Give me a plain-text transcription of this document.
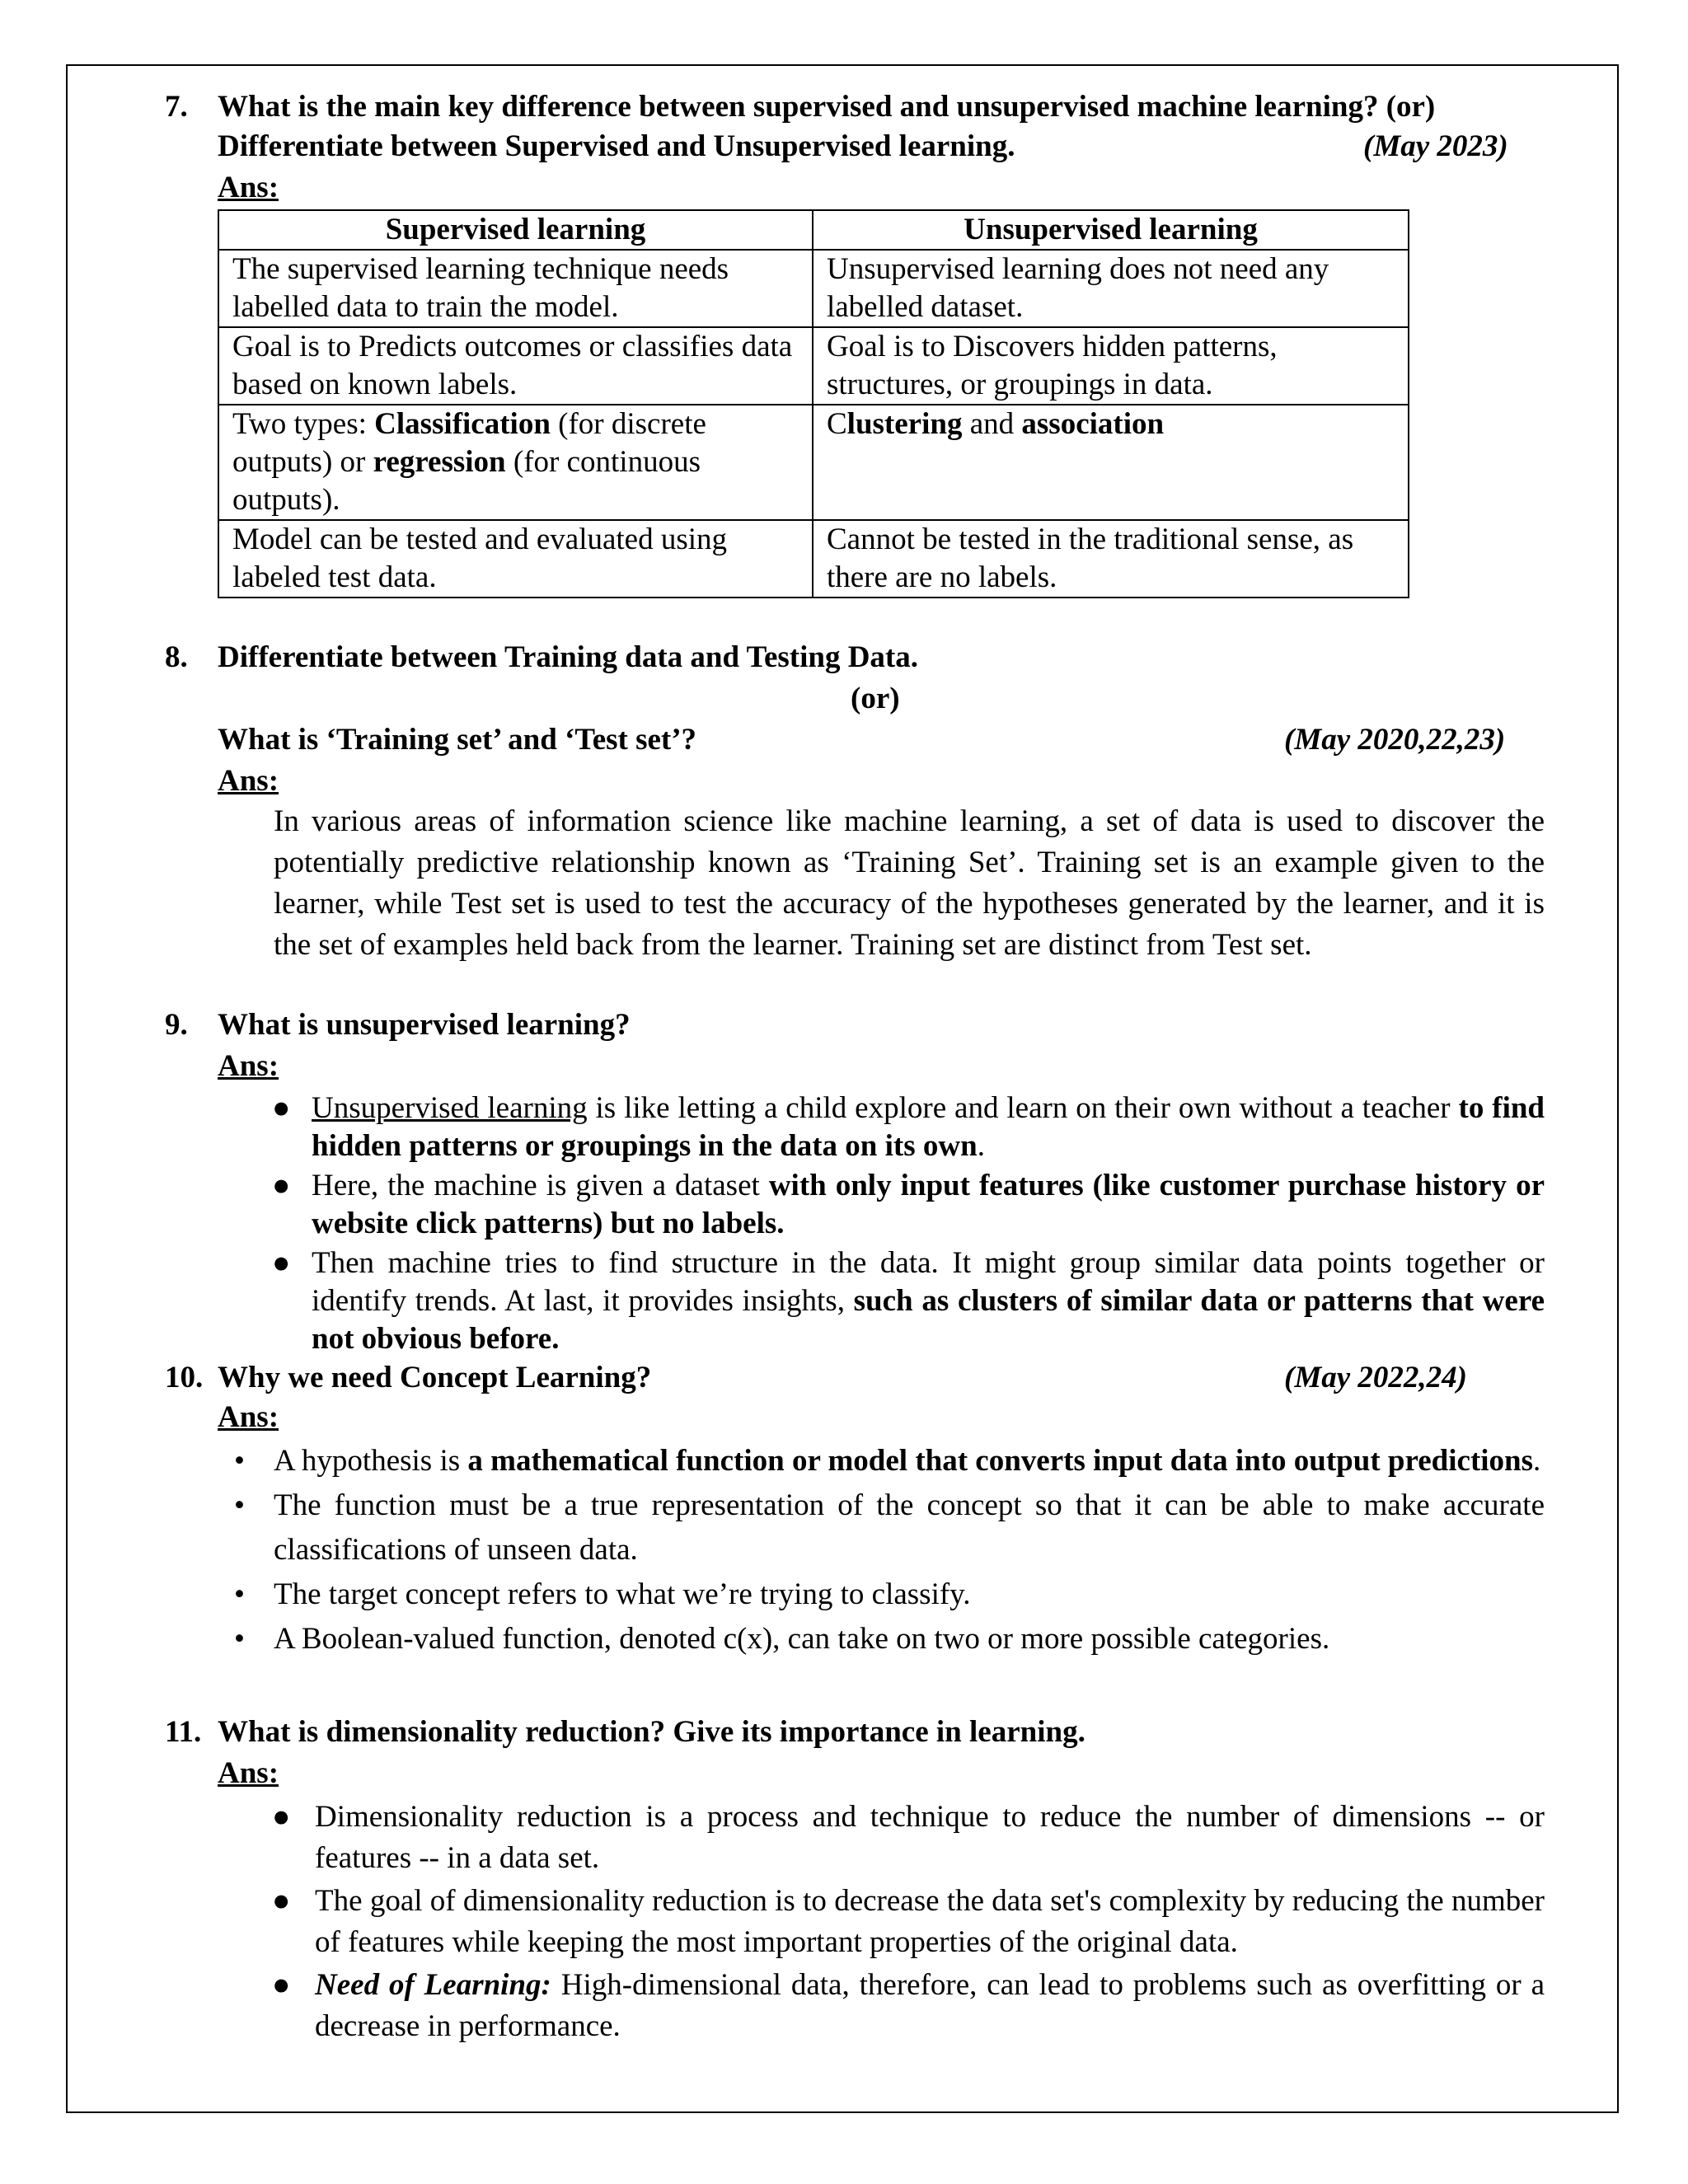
7. What is the main key difference between supervised and unsupervised machine learning? (or)
Differentiate between Supervised and Unsupervised learning.	(May 2023)
Ans:
Supervised learning	Unsupervised learning
The supervised learning technique needs labelled data to train the model.	Unsupervised learning does not need any labelled dataset.
Goal is to Predicts outcomes or classifies data based on known labels.	Goal is to Discovers hidden patterns, structures, or groupings in data.
Two types: Classification (for discrete outputs) or regression (for continuous outputs).	Clustering and association
Model can be tested and evaluated using labeled test data.	Cannot be tested in the traditional sense, as there are no labels.
8. Differentiate between Training data and Testing Data.
(or)
What is ‘Training set’ and ‘Test set’?	(May 2020,22,23)
Ans:
In various areas of information science like machine learning, a set of data is used to discover the potentially predictive relationship known as ‘Training Set’. Training set is an example given to the learner, while Test set is used to test the accuracy of the hypotheses generated by the learner, and it is the set of examples held back from the learner. Training set are distinct from Test set.
9. What is unsupervised learning?
Ans:
● Unsupervised learning is like letting a child explore and learn on their own without a teacher to find hidden patterns or groupings in the data on its own.
● Here, the machine is given a dataset with only input features (like customer purchase history or website click patterns) but no labels.
● Then machine tries to find structure in the data. It might group similar data points together or identify trends. At last, it provides insights, such as clusters of similar data or patterns that were not obvious before.
10. Why we need Concept Learning?	(May 2022,24)
Ans:
• A hypothesis is a mathematical function or model that converts input data into output predictions.
• The function must be a true representation of the concept so that it can be able to make accurate classifications of unseen data.
• The target concept refers to what we’re trying to classify.
• A Boolean-valued function, denoted c(x), can take on two or more possible categories.
11. What is dimensionality reduction? Give its importance in learning.
Ans:
● Dimensionality reduction is a process and technique to reduce the number of dimensions -- or features -- in a data set.
● The goal of dimensionality reduction is to decrease the data set's complexity by reducing the number of features while keeping the most important properties of the original data.
● Need of Learning: High-dimensional data, therefore, can lead to problems such as overfitting or a decrease in performance.
